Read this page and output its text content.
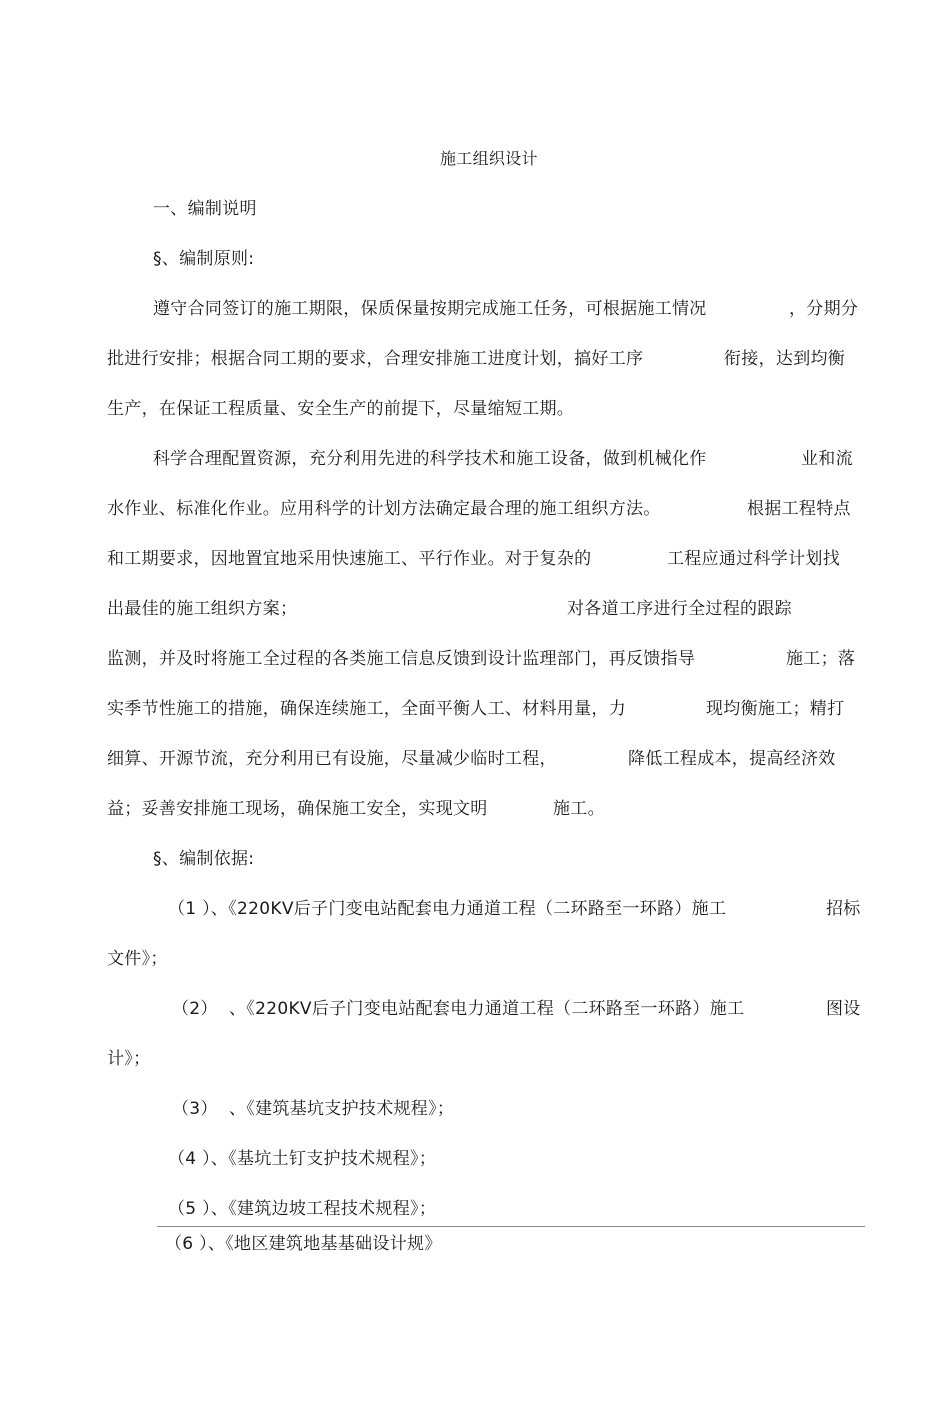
施工组织设计
一、编制说明
§、编制原则:
遵守合同签订的施工期限，保质保量按期完成施工任务，可根据施工情况	，分期分
批进行安排；根据合同工期的要求，合理安排施工进度计划，搞好工序	衔接，达到均衡
生产，在保证工程质量、安全生产的前提下，尽量缩短工期。
科学合理配置资源，充分利用先进的科学技术和施工设备，做到机械化作	业和流
水作业、标准化作业。应用科学的计划方法确定最合理的施工组织方法。	根据工程特点
和工期要求，因地置宜地采用快速施工、平行作业。对于复杂的	工程应通过科学计划找
出最佳的施工组织方案；	对各道工序进行全过程的跟踪
监测，并及时将施工全过程的各类施工信息反馈到设计监理部门，再反馈指导	施工；落
实季节性施工的措施，确保连续施工，全面平衡人工、材料用量，力	现均衡施工；精打
细算、开源节流，充分利用已有设施，尽量减少临时工程，	降低工程成本，提高经济效
益；妥善安排施工现场，确保施工安全，实现文明	施工。
§、编制依据:
（1 ）、《220KV后子门变电站配套电力通道工程（二环路至一环路）施工	招标
文件》；
（2） 、《220KV后子门变电站配套电力通道工程（二环路至一环路）施工	图设
计》；
（3） 、《建筑基坑支护技术规程》；
（4 ）、《基坑土钉支护技术规程》；
（5 ）、《建筑边坡工程技术规程》；
（6 ）、《地区建筑地基基础设计规》
